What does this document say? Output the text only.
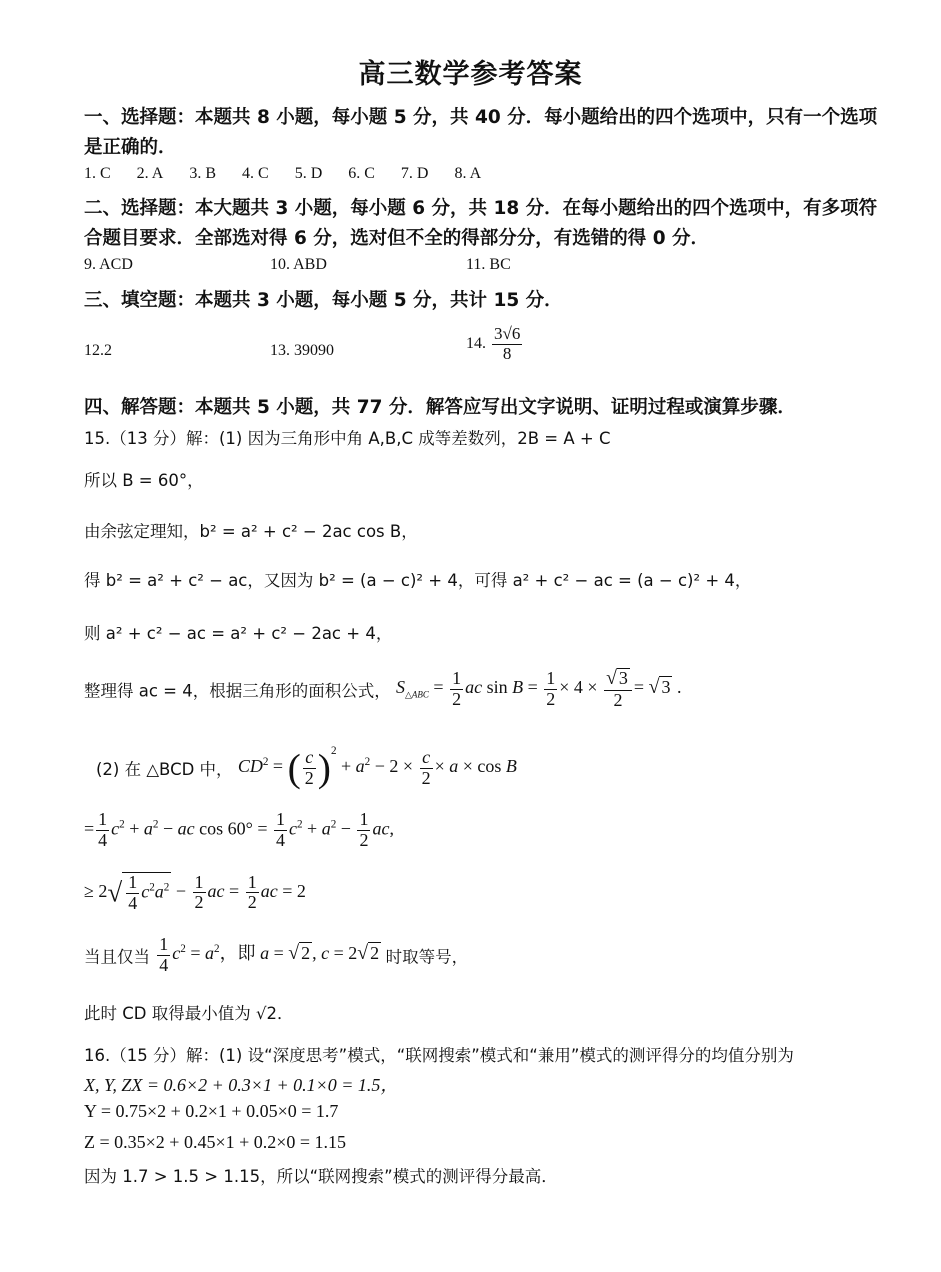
高三数学参考答案
一、选择题：本题共 8 小题，每小题 5 分，共 40 分．每小题给出的四个选项中，只有一个选项
是正确的．
1. C 2. A 3. B 4. C 5. D 6. C 7. D 8. A
二、选择题：本大题共 3 小题，每小题 6 分，共 18 分．在每小题给出的四个选项中，有多项符
合题目要求．全部选对得 6 分，选对但不全的得部分分，有选错的得 0 分．
9. ACD	10. ABD	11. BC
三、填空题：本题共 3 小题，每小题 5 分，共计 15 分．
12.2	13. 39090	14. $\frac{3√6}{8}$
四、解答题：本题共 5 小题，共 77 分．解答应写出文字说明、证明过程或演算步骤．
15.（13 分）解：(1) 因为三角形中角 A,B,C 成等差数列，2B = A + C
所以 B = 60°，
由余弦定理知，b² = a² + c² − 2ac cos B，
得 b² = a² + c² − ac，又因为 b² = (a − c)² + 4，可得 a² + c² − ac = (a − c)² + 4，
则 a² + c² − ac = a² + c² − 2ac + 4，
整理得 ac = 4，根据三角形的面积公式， $S_{\triangle ABC} = \frac{1}{2}$ ac $\sin B = \frac{1}{2} \times 4 \times \frac{√ 3}{2}$ = √ 3 .
(2) 在 △BCD 中， $CD^2$ = ( $\frac{c}{2} )^2 + a^2 - 2 \times \frac{c}{2} \times a \times \cos B$
= $\frac{1}{4} c^2 + a^2$ − ac $\cos 60^\circ = \frac{1}{4} c^2 + a^2 - \frac{1}{2}$ ac,
≥ $2√ \frac{1}{4} c^2a^2 - \frac{1}{2}$ ac = $\frac{1}{2}$ ac = 2
当且仅当 $\frac{1}{4} c^2 = a^2$，即 a = √ 2 , c = 2√ 2 时取等号，
此时 CD 取得最小值为 √2．
16.（15 分）解：(1) 设“深度思考”模式，“联网搜索”模式和“兼用”模式的测评得分的均值分别为
X, Y, ZX = 0.6×2 + 0.3×1 + 0.1×0 = 1.5，
Y = 0.75×2 + 0.2×1 + 0.05×0 = 1.7
Z = 0.35×2 + 0.45×1 + 0.2×0 = 1.15
因为 1.7 > 1.5 > 1.15，所以“联网搜索”模式的测评得分最高．
